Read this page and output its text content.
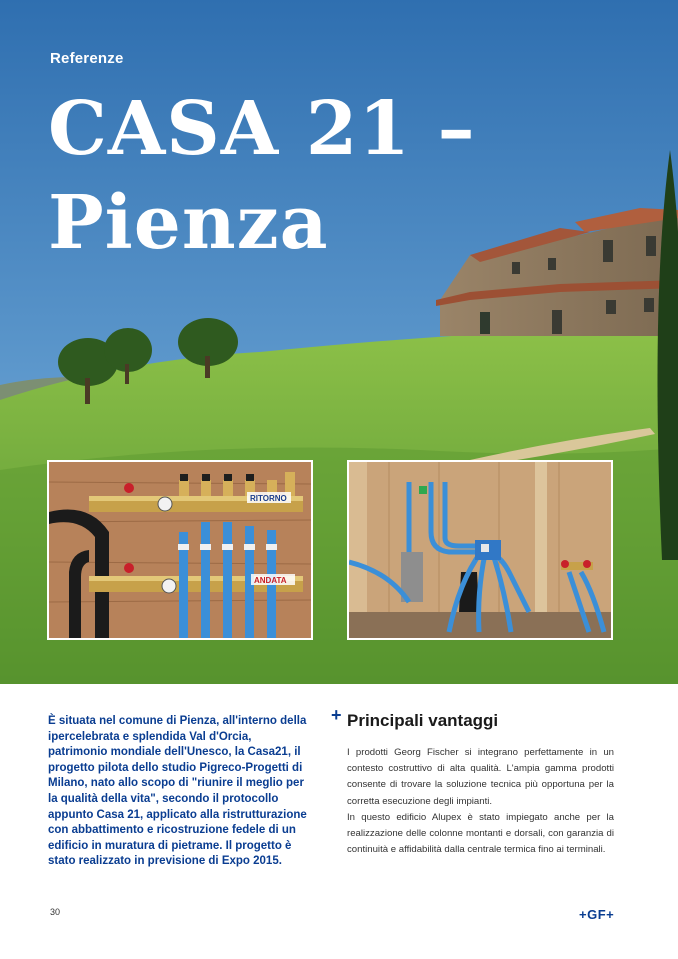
Referenze
CASA 21 –
Pienza
RITORNO
ANDATA

È situata nel comune di Pienza, all'interno della ipercelebrata e splendida Val d'Orcia, patrimonio mondiale dell'Unesco, la Casa21, il progetto pilota dello studio Pigreco-Progetti di Milano, nato allo scopo di "riunire il meglio per la qualità della vita", secondo il protocollo appunto Casa 21, applicato alla ristrutturazione con abbattimento e ricostruzione fedele di un edificio in muratura di pietrame. Il progetto è stato realizzato in previsione di Expo 2015.

+ Principali vantaggi

I prodotti Georg Fischer si integrano perfettamente in un contesto costruttivo di alta qualità. L'ampia gamma prodotti consente di trovare la soluzione tecnica più opportuna per la corretta esecuzione degli impianti.

In questo edificio Alupex è stato impiegato anche per la realizzazione delle colonne montanti e dorsali, con garanzia di continuità e affidabilità dalla centrale termica fino ai terminali.

30	+GF+
